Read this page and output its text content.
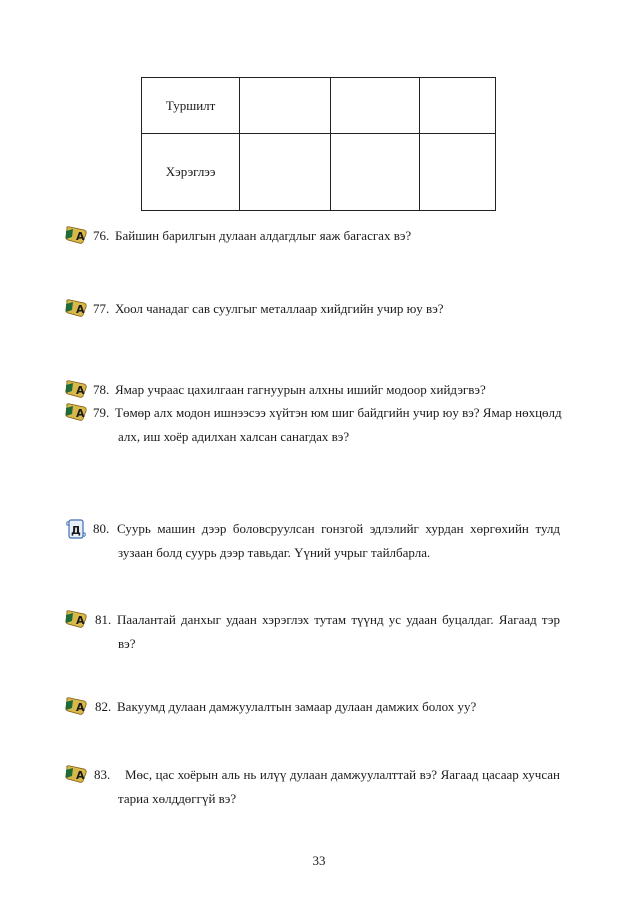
Туршилт			
Хэрэглээ			
A 76. Байшин барилгын дулаан алдагдлыг яаж багасгах вэ?
A 77. Хоол чанадаг сав суулгыг металлаар хийдгийн учир юу вэ?
A 78. Ямар учраас цахилгаан гагнуурын алхны ишийг модоор хийдэгвэ?
A 79. Төмөр алх модон ишнээсээ хүйтэн юм шиг байдгийн учир юу вэ? Ямар нөхцөлд
алх, иш хоёр адилхан халсан санагдах вэ?
Д 80. Суурь машин дээр боловсруулсан гонзгой эдлэлийг хурдан хөргөхийн тулд
зузаан болд суурь дээр тавьдаг. Үүний учрыг тайлбарла.
A 81. Паалантай данхыг удаан хэрэглэх тутам түүнд ус удаан буцалдаг. Яагаад тэр
вэ?
A 82. Вакуумд дулаан дамжуулалтын замаар дулаан дамжих болох уу?
A 83. Мөс, цас хоёрын аль нь илүү дулаан дамжуулалттай вэ? Яагаад цасаар хучсан
тариа хөлддөггүй вэ?
33
